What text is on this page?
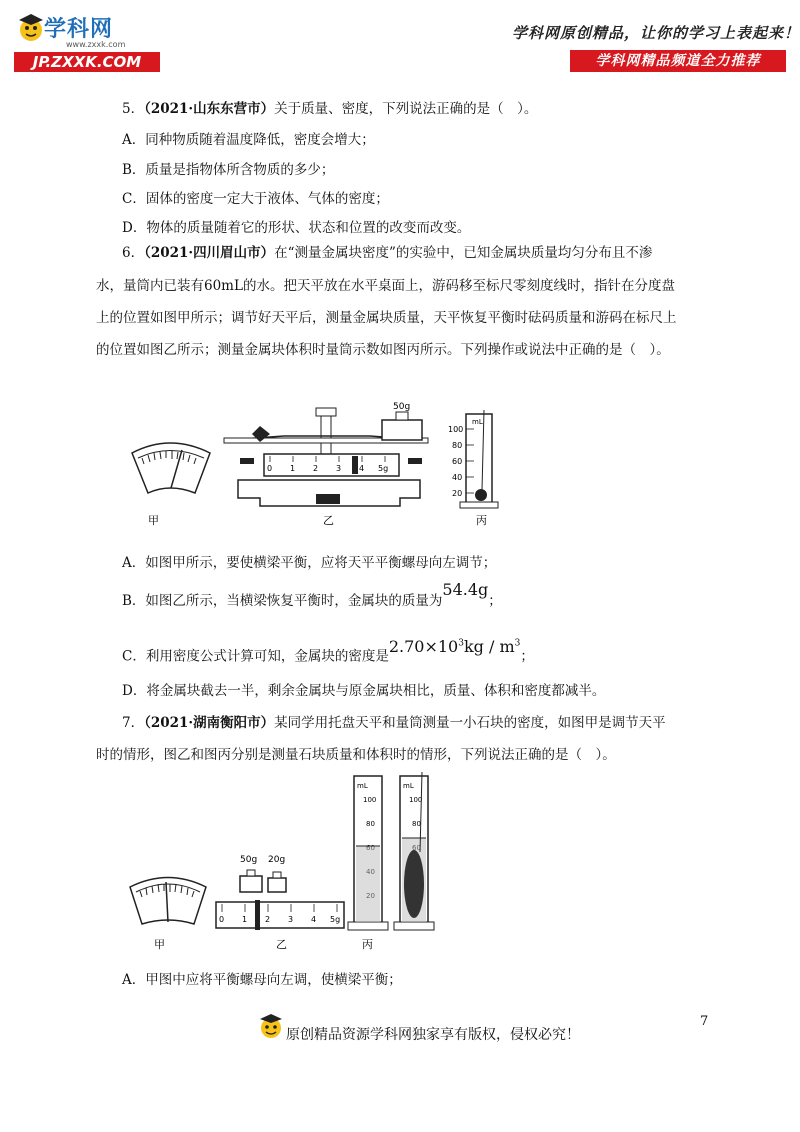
学科网
www.zxxk.com
JP.ZXXK.COM
学科网原创精品，让你的学习上表起来！
学科网精品频道全力推荐
5．（2021·山东东营市）关于质量、密度，下列说法正确的是（　）。
A．同种物质随着温度降低，密度会增大；
B．质量是指物体所含物质的多少；
C．固体的密度一定大于液体、气体的密度；
D．物体的质量随着它的形状、状态和位置的改变而改变。
6．（2021·四川眉山市）在“测量金属块密度”的实验中，已知金属块质量均匀分布且不渗
水，量筒内已装有60mL的水。把天平放在水平桌面上，游码移至标尺零刻度线时，指针在分度盘
上的位置如图甲所示；调节好天平后，测量金属块质量，天平恢复平衡时砝码质量和游码在标尺上
的位置如图乙所示；测量金属块体积时量筒示数如图丙所示。下列操作或说法中正确的是（　）。
50g
0 1 2 3 4 5g
mL
100
80
60
40
20
甲	乙	丙
A．如图甲所示，要使横梁平衡，应将天平平衡螺母向左调节；
B．如图乙所示，当横梁恢复平衡时，金属块的质量为54.4g；
C．利用密度公式计算可知，金属块的密度是$2.70\times 10^3kg / m^3$；
D．将金属块截去一半，剩余金属块与原金属块相比，质量、体积和密度都减半。
7．（2021·湖南衡阳市）某同学用托盘天平和量筒测量一小石块的密度，如图甲是调节天平
时的情形，图乙和图丙分别是测量石块质量和体积时的情形，下列说法正确的是（　）。
50g 20g
0 1 2 3 4 5g
mL
100
80
mL
100
80
甲	乙	丙
A．甲图中应将平衡螺母向左调，使横梁平衡；
7
原创精品资源学科网独家享有版权，侵权必究！
